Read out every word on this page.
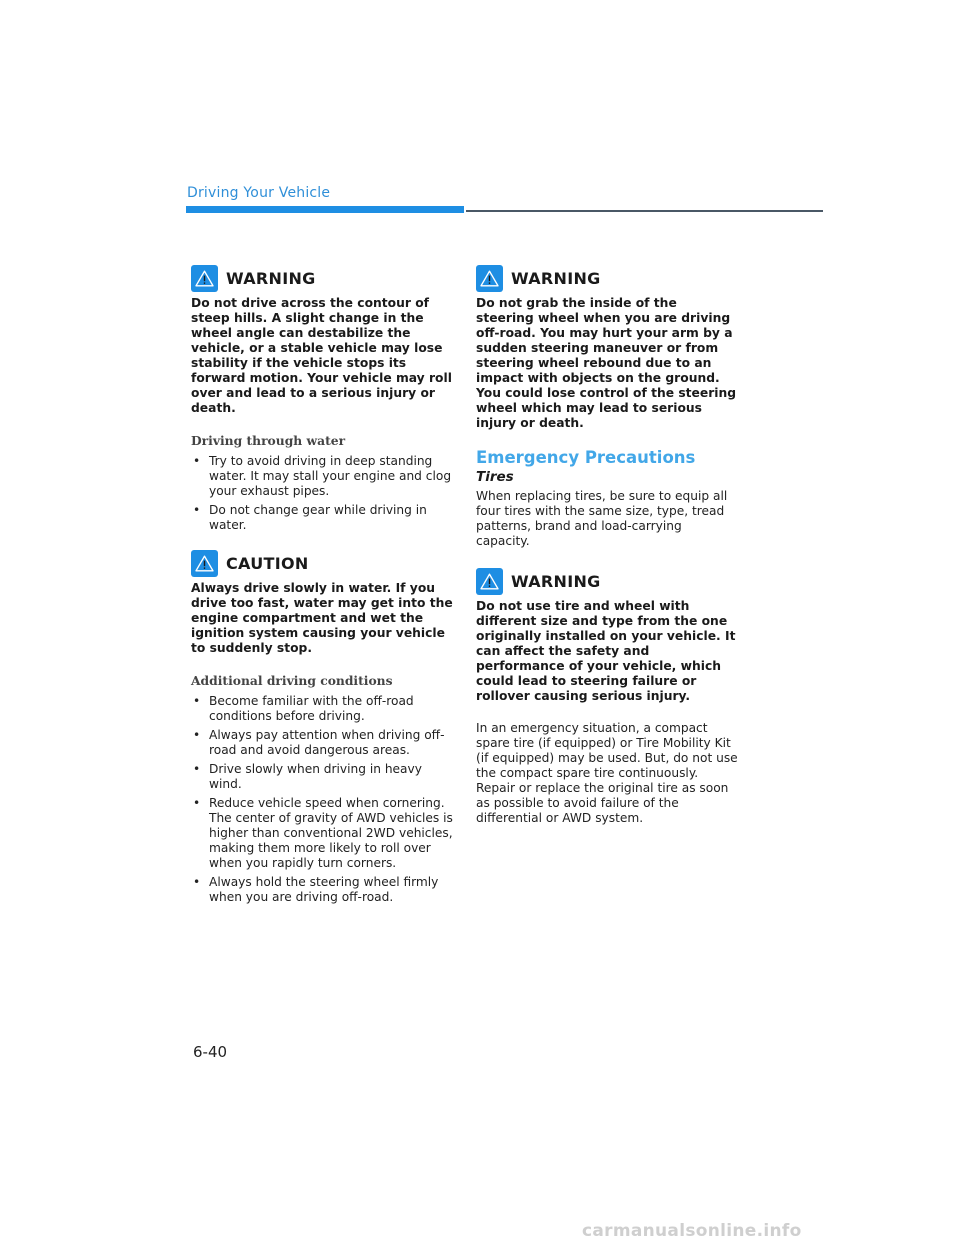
Driving Your Vehicle
WARNING

Do not drive across the contour of steep hills. A slight change in the wheel angle can destabilize the vehicle, or a stable vehicle may lose stability if the vehicle stops its forward motion. Your vehicle may roll over and lead to a serious injury or death.

Driving through water

• Try to avoid driving in deep standing water. It may stall your engine and clog your exhaust pipes.
• Do not change gear while driving in water.
CAUTION

Always drive slowly in water. If you drive too fast, water may get into the engine compartment and wet the ignition system causing your vehicle to suddenly stop.

Additional driving conditions

• Become familiar with the off-road conditions before driving.
• Always pay attention when driving off-road and avoid dangerous areas.
• Drive slowly when driving in heavy wind.
• Reduce vehicle speed when cornering. The center of gravity of AWD vehicles is higher than conventional 2WD vehicles, making them more likely to roll over when you rapidly turn corners.
• Always hold the steering wheel firmly when you are driving off-road.
WARNING

Do not grab the inside of the steering wheel when you are driving off-road. You may hurt your arm by a sudden steering maneuver or from steering wheel rebound due to an impact with objects on the ground. You could lose control of the steering wheel which may lead to serious injury or death.

Emergency Precautions

Tires

When replacing tires, be sure to equip all four tires with the same size, type, tread patterns, brand and load-carrying capacity.

WARNING

Do not use tire and wheel with different size and type from the one originally installed on your vehicle. It can affect the safety and performance of your vehicle, which could lead to steering failure or rollover causing serious injury.

In an emergency situation, a compact spare tire (if equipped) or Tire Mobility Kit (if equipped) may be used. But, do not use the compact spare tire continuously. Repair or replace the original tire as soon as possible to avoid failure of the differential or AWD system.

6-40
carmanualsonline.info
